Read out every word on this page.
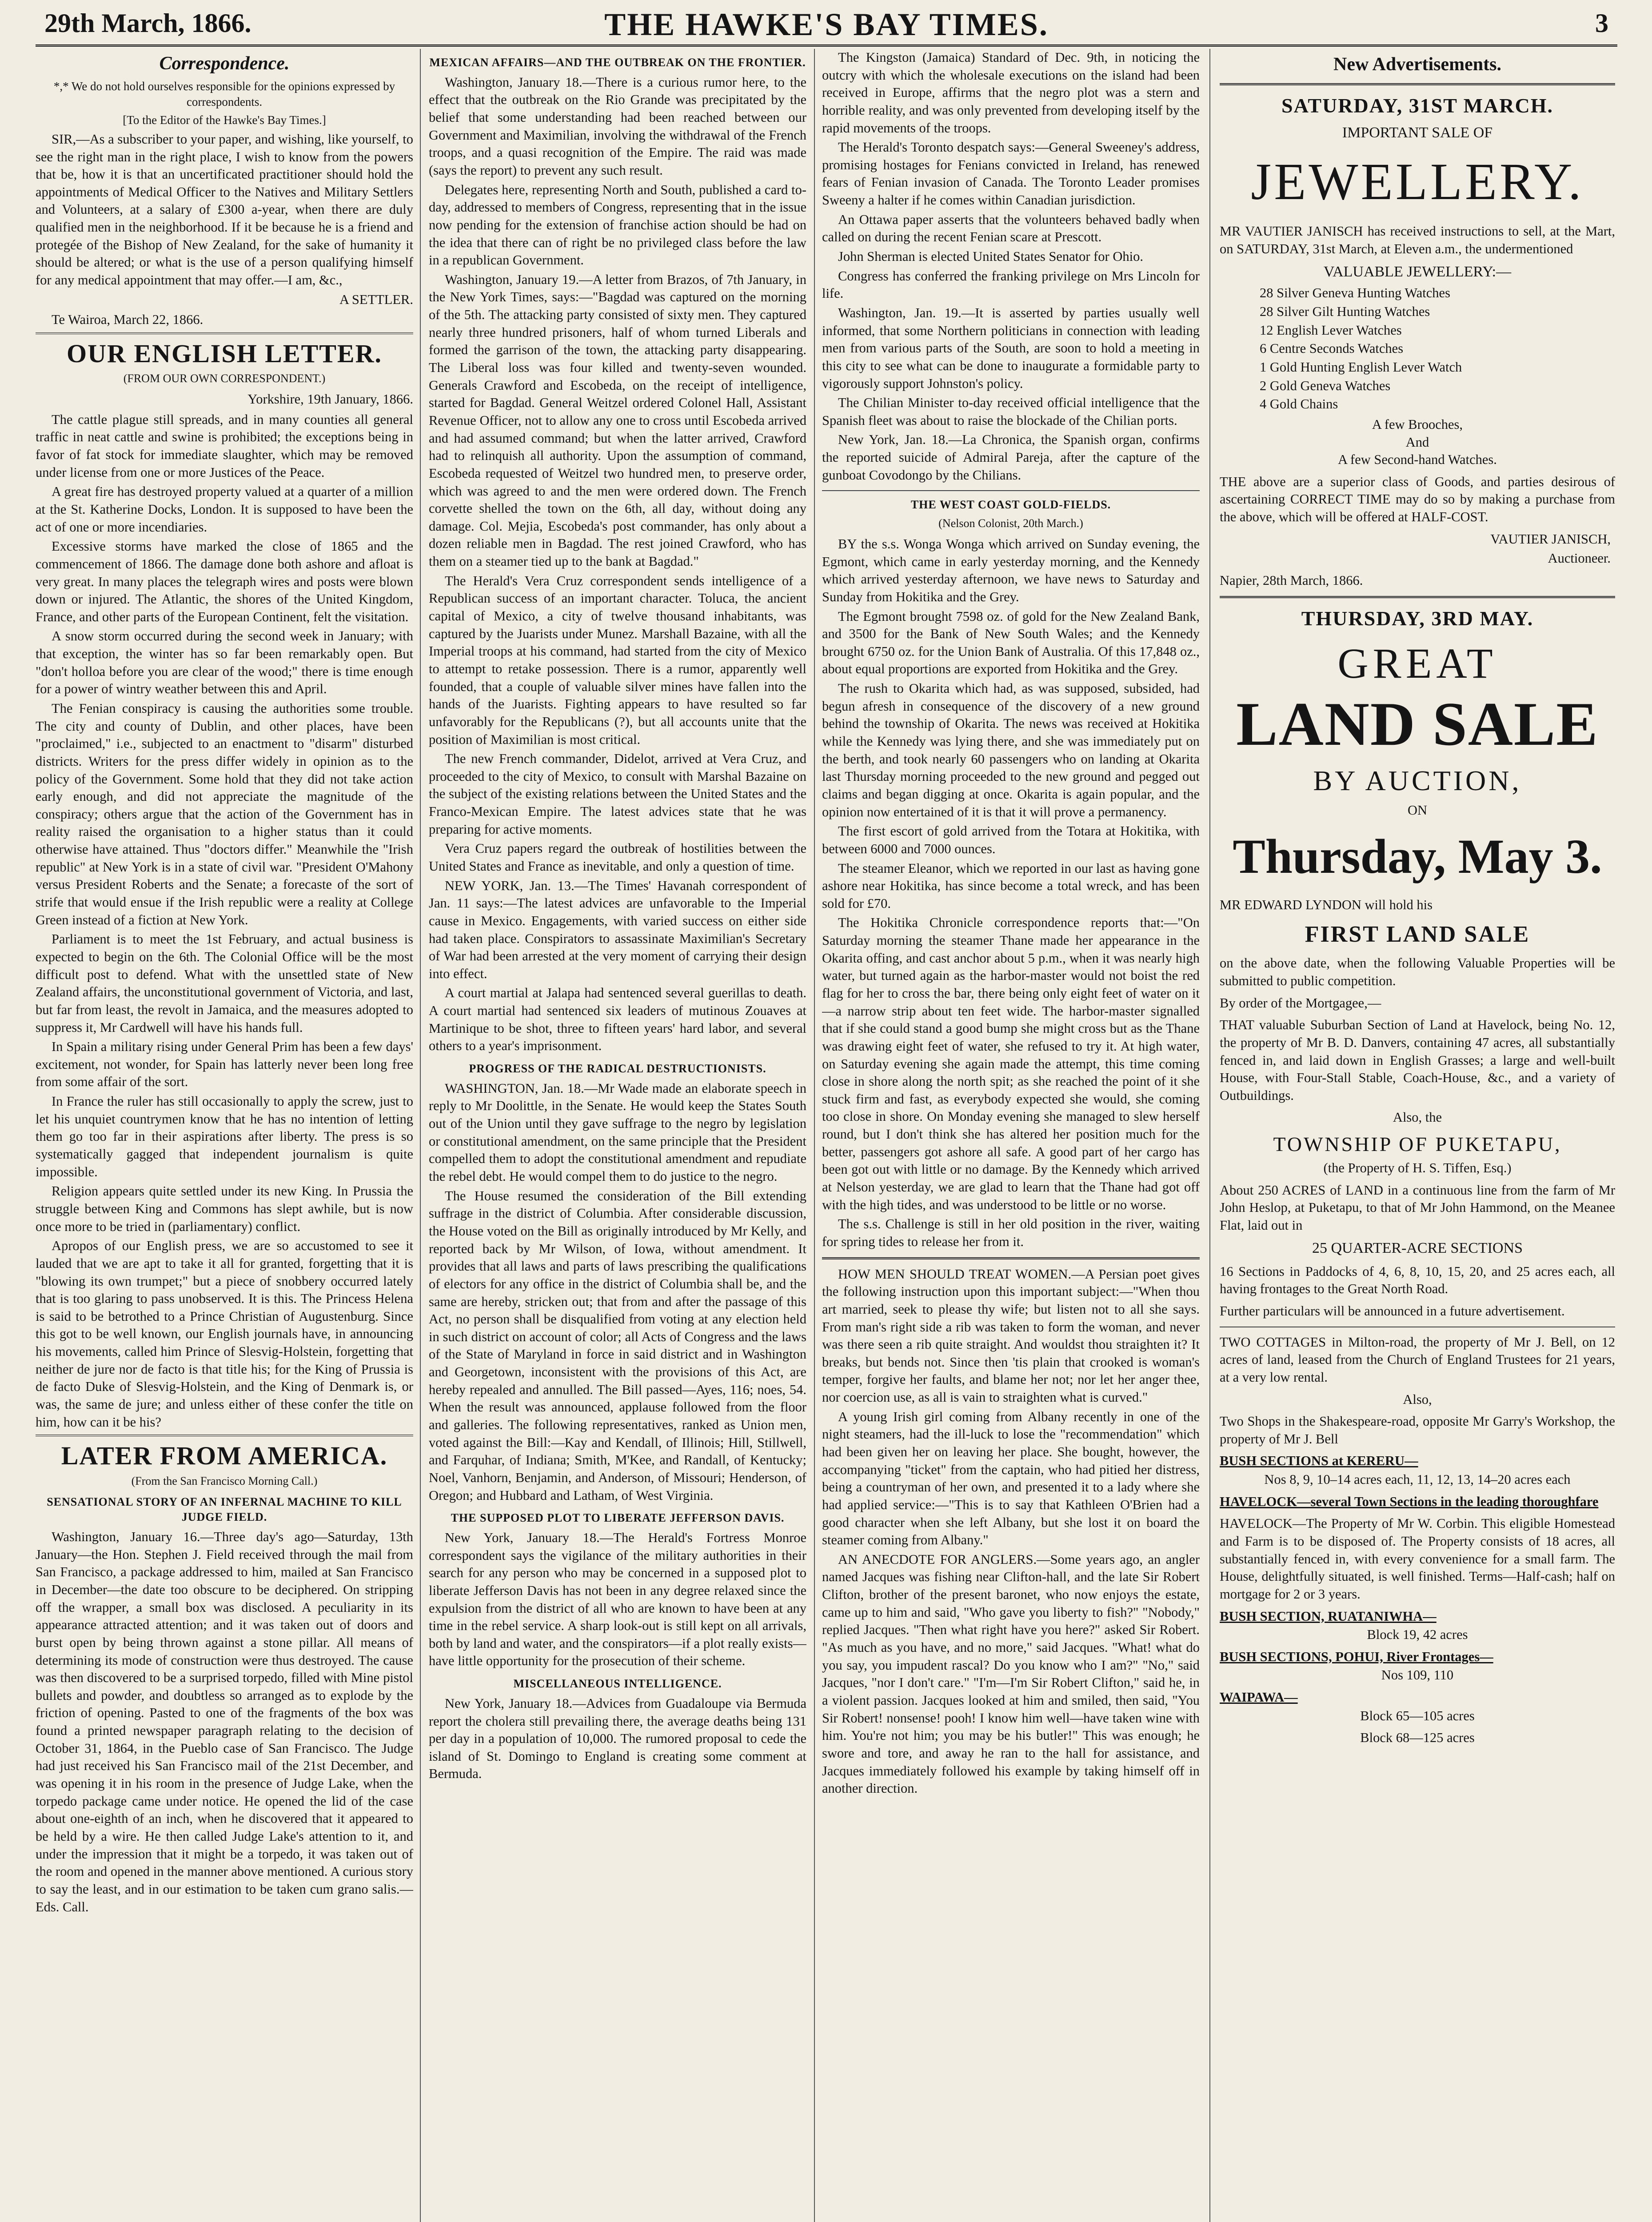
29th March, 1866.	THE HAWKE'S BAY TIMES.	3
Correspondence.
*,* We do not hold ourselves responsible for the opinions expressed by correspondents.
[To the Editor of the Hawke's Bay Times.]

SIR,—As a subscriber to your paper, and wishing, like yourself, to see the right man in the right place, I wish to know from the powers that be, how it is that an uncertificated practitioner should hold the appointments of Medical Officer to the Natives and Military Settlers and Volunteers, at a salary of £300 a-year, when there are duly qualified men in the neighborhood. If it be because he is a friend and protegée of the Bishop of New Zealand, for the sake of humanity it should be altered; or what is the use of a person qualifying himself for any medical appointment that may offer.—I am, &c.,

A SETTLER.

Te Wairoa, March 22, 1866.

OUR ENGLISH LETTER.
(FROM OUR OWN CORRESPONDENT.)
Yorkshire, 19th January, 1866.

The cattle plague still spreads, and in many counties all general traffic in neat cattle and swine is prohibited; the exceptions being in favor of fat stock for immediate slaughter, which may be removed under license from one or more Justices of the Peace.

A great fire has destroyed property valued at a quarter of a million at the St. Katherine Docks, London. It is supposed to have been the act of one or more incendiaries.

Excessive storms have marked the close of 1865 and the commencement of 1866. The damage done both ashore and afloat is very great. In many places the telegraph wires and posts were blown down or injured. The Atlantic, the shores of the United Kingdom, France, and other parts of the European Continent, felt the visitation.

A snow storm occurred during the second week in January; with that exception, the winter has so far been remarkably open. But "don't holloa before you are clear of the wood;" there is time enough for a power of wintry weather between this and April.

The Fenian conspiracy is causing the authorities some trouble. The city and county of Dublin, and other places, have been "proclaimed," i.e., subjected to an enactment to "disarm" disturbed districts. Writers for the press differ widely in opinion as to the policy of the Government. Some hold that they did not take action early enough, and did not appreciate the magnitude of the conspiracy; others argue that the action of the Government has in reality raised the organisation to a higher status than it could otherwise have attained. Thus "doctors differ." Meanwhile the "Irish republic" at New York is in a state of civil war. "President O'Mahony versus President Roberts and the Senate; a forecaste of the sort of strife that would ensue if the Irish republic were a reality at College Green instead of a fiction at New York.

Parliament is to meet the 1st February, and actual business is expected to begin on the 6th. The Colonial Office will be the most difficult post to defend. What with the unsettled state of New Zealand affairs, the unconstitutional government of Victoria, and last, but far from least, the revolt in Jamaica, and the measures adopted to suppress it, Mr Cardwell will have his hands full.

In Spain a military rising under General Prim has been a few days' excitement, not wonder, for Spain has latterly never been long free from some affair of the sort.

In France the ruler has still occasionally to apply the screw, just to let his unquiet countrymen know that he has no intention of letting them go too far in their aspirations after liberty. The press is so systematically gagged that independent journalism is quite impossible.

Religion appears quite settled under its new King. In Prussia the struggle between King and Commons has slept awhile, but is now once more to be tried in (parliamentary) conflict.

Apropos of our English press, we are so accustomed to see it lauded that we are apt to take it all for granted, forgetting that it is "blowing its own trumpet;" but a piece of snobbery occurred lately that is too glaring to pass unobserved. It is this. The Princess Helena is said to be betrothed to a Prince Christian of Augustenburg. Since this got to be well known, our English journals have, in announcing his movements, called him Prince of Slesvig-Holstein, forgetting that neither de jure nor de facto is that title his; for the King of Prussia is de facto Duke of Slesvig-Holstein, and the King of Denmark is, or was, the same de jure; and unless either of these confer the title on him, how can it be his?

LATER FROM AMERICA.
(From the San Francisco Morning Call.)
SENSATIONAL STORY OF AN INFERNAL MACHINE TO KILL JUDGE FIELD.

Washington, January 16.—Three day's ago—Saturday, 13th January—the Hon. Stephen J. Field received through the mail from San Francisco, a package addressed to him, mailed at San Francisco in December—the date too obscure to be deciphered. On stripping off the wrapper, a small box was disclosed. A peculiarity in its appearance attracted attention; and it was taken out of doors and burst open by being thrown against a stone pillar. All means of determining its mode of construction were thus destroyed. The cause was then discovered to be a surprised torpedo, filled with Mine pistol bullets and powder, and doubtless so arranged as to explode by the friction of opening. Pasted to one of the fragments of the box was found a printed newspaper paragraph relating to the decision of October 31, 1864, in the Pueblo case of San Francisco. The Judge had just received his San Francisco mail of the 21st December, and was opening it in his room in the presence of Judge Lake, when the torpedo package came under notice. He opened the lid of the case about one-eighth of an inch, when he discovered that it appeared to be held by a wire. He then called Judge Lake's attention to it, and under the impression that it might be a torpedo, it was taken out of the room and opened in the manner above mentioned. A curious story to say the least, and in our estimation to be taken cum grano salis.—Eds. Call.

MEXICAN AFFAIRS—AND THE OUTBREAK ON THE FRONTIER.

Washington, January 18.—There is a curious rumor here, to the effect that the outbreak on the Rio Grande was precipitated by the belief that some understanding had been reached between our Government and Maximilian, involving the withdrawal of the French troops, and a quasi recognition of the Empire. The raid was made (says the report) to prevent any such result.

Delegates here, representing North and South, published a card to-day, addressed to members of Congress, representing that in the issue now pending for the extension of franchise action should be had on the idea that there can of right be no privileged class before the law in a republican Government.

Washington, January 19.—A letter from Brazos, of 7th January, in the New York Times, says:—"Bagdad was captured on the morning of the 5th. The attacking party consisted of sixty men. They captured nearly three hundred prisoners, half of whom turned Liberals and formed the garrison of the town, the attacking party disappearing. The Liberal loss was four killed and twenty-seven wounded. Generals Crawford and Escobeda, on the receipt of intelligence, started for Bagdad. General Weitzel ordered Colonel Hall, Assistant Revenue Officer, not to allow any one to cross until Escobeda arrived and had assumed command; but when the latter arrived, Crawford had to relinquish all authority. Upon the assumption of command, Escobeda requested of Weitzel two hundred men, to preserve order, which was agreed to and the men were ordered down. The French corvette shelled the town on the 6th, all day, without doing any damage. Col. Mejia, Escobeda's post commander, has only about a dozen reliable men in Bagdad. The rest joined Crawford, who has them on a steamer tied up to the bank at Bagdad."

The Herald's Vera Cruz correspondent sends intelligence of a Republican success of an important character. Toluca, the ancient capital of Mexico, a city of twelve thousand inhabitants, was captured by the Juarists under Munez. Marshall Bazaine, with all the Imperial troops at his command, had started from the city of Mexico to attempt to retake possession. There is a rumor, apparently well founded, that a couple of valuable silver mines have fallen into the hands of the Juarists. Fighting appears to have resulted so far unfavorably for the Republicans (?), but all accounts unite that the position of Maximilian is most critical.

The new French commander, Didelot, arrived at Vera Cruz, and proceeded to the city of Mexico, to consult with Marshal Bazaine on the subject of the existing relations between the United States and the Franco-Mexican Empire. The latest advices state that he was preparing for active moments.

Vera Cruz papers regard the outbreak of hostilities between the United States and France as inevitable, and only a question of time.

NEW YORK, Jan. 13.—The Times' Havanah correspondent of Jan. 11 says:—The latest advices are unfavorable to the Imperial cause in Mexico. Engagements, with varied success on either side had taken place. Conspirators to assassinate Maximilian's Secretary of War had been arrested at the very moment of carrying their design into effect.

A court martial at Jalapa had sentenced several guerillas to death. A court martial had sentenced six leaders of mutinous Zouaves at Martinique to be shot, three to fifteen years' hard labor, and several others to a year's imprisonment.

PROGRESS OF THE RADICAL DESTRUCTIONISTS.

WASHINGTON, Jan. 18.—Mr Wade made an elaborate speech in reply to Mr Doolittle, in the Senate. He would keep the States South out of the Union until they gave suffrage to the negro by legislation or constitutional amendment, on the same principle that the President compelled them to adopt the constitutional amendment and repudiate the rebel debt. He would compel them to do justice to the negro.

The House resumed the consideration of the Bill extending suffrage in the district of Columbia. After considerable discussion, the House voted on the Bill as originally introduced by Mr Kelly, and reported back by Mr Wilson, of Iowa, without amendment. It provides that all laws and parts of laws prescribing the qualifications of electors for any office in the district of Columbia shall be, and the same are hereby, stricken out; that from and after the passage of this Act, no person shall be disqualified from voting at any election held in such district on account of color; all Acts of Congress and the laws of the State of Maryland in force in said district and in Washington and Georgetown, inconsistent with the provisions of this Act, are hereby repealed and annulled. The Bill passed—Ayes, 116; noes, 54. When the result was announced, applause followed from the floor and galleries. The following representatives, ranked as Union men, voted against the Bill:—Kay and Kendall, of Illinois; Hill, Stillwell, and Farquhar, of Indiana; Smith, M'Kee, and Randall, of Kentucky; Noel, Vanhorn, Benjamin, and Anderson, of Missouri; Henderson, of Oregon; and Hubbard and Latham, of West Virginia.

THE SUPPOSED PLOT TO LIBERATE JEFFERSON DAVIS.

New York, January 18.—The Herald's Fortress Monroe correspondent says the vigilance of the military authorities in their search for any person who may be concerned in a supposed plot to liberate Jefferson Davis has not been in any degree relaxed since the expulsion from the district of all who are known to have been at any time in the rebel service. A sharp look-out is still kept on all arrivals, both by land and water, and the conspirators—if a plot really exists—have little opportunity for the prosecution of their scheme.

MISCELLANEOUS INTELLIGENCE.

New York, January 18.—Advices from Guadaloupe via Bermuda report the cholera still prevailing there, the average deaths being 131 per day in a population of 10,000. The rumored proposal to cede the island of St. Domingo to England is creating some comment at Bermuda.

The Kingston (Jamaica) Standard of Dec. 9th, in noticing the outcry with which the wholesale executions on the island had been received in Europe, affirms that the negro plot was a stern and horrible reality, and was only prevented from developing itself by the rapid movements of the troops.

The Herald's Toronto despatch says:—General Sweeney's address, promising hostages for Fenians convicted in Ireland, has renewed fears of Fenian invasion of Canada. The Toronto Leader promises Sweeny a halter if he comes within Canadian jurisdiction.

An Ottawa paper asserts that the volunteers behaved badly when called on during the recent Fenian scare at Prescott.

John Sherman is elected United States Senator for Ohio.

Congress has conferred the franking privilege on Mrs Lincoln for life.

Washington, Jan. 19.—It is asserted by parties usually well informed, that some Northern politicians in connection with leading men from various parts of the South, are soon to hold a meeting in this city to see what can be done to inaugurate a formidable party to vigorously support Johnston's policy.

The Chilian Minister to-day received official intelligence that the Spanish fleet was about to raise the blockade of the Chilian ports.

New York, Jan. 18.—La Chronica, the Spanish organ, confirms the reported suicide of Admiral Pareja, after the capture of the gunboat Covodongo by the Chilians.

THE WEST COAST GOLD-FIELDS.
(Nelson Colonist, 20th March.)

BY the s.s. Wonga Wonga which arrived on Sunday evening, the Egmont, which came in early yesterday morning, and the Kennedy which arrived yesterday afternoon, we have news to Saturday and Sunday from Hokitika and the Grey.

The Egmont brought 7598 oz. of gold for the New Zealand Bank, and 3500 for the Bank of New South Wales; and the Kennedy brought 6750 oz. for the Union Bank of Australia. Of this 17,848 oz., about equal proportions are exported from Hokitika and the Grey.

The rush to Okarita which had, as was supposed, subsided, had begun afresh in consequence of the discovery of a new ground behind the township of Okarita. The news was received at Hokitika while the Kennedy was lying there, and she was immediately put on the berth, and took nearly 60 passengers who on landing at Okarita last Thursday morning proceeded to the new ground and pegged out claims and began digging at once. Okarita is again popular, and the opinion now entertained of it is that it will prove a permanency.

The first escort of gold arrived from the Totara at Hokitika, with between 6000 and 7000 ounces.

The steamer Eleanor, which we reported in our last as having gone ashore near Hokitika, has since become a total wreck, and has been sold for £70.

The Hokitika Chronicle correspondence reports that:—"On Saturday morning the steamer Thane made her appearance in the Okarita offing, and cast anchor about 5 p.m., when it was nearly high water, but turned again as the harbor-master would not boist the red flag for her to cross the bar, there being only eight feet of water on it—a narrow strip about ten feet wide. The harbor-master signalled that if she could stand a good bump she might cross but as the Thane was drawing eight feet of water, she refused to try it. At high water, on Saturday evening she again made the attempt, this time coming close in shore along the north spit; as she reached the point of it she stuck firm and fast, as everybody expected she would, she coming too close in shore. On Monday evening she managed to slew herself round, but I don't think she has altered her position much for the better, passengers got ashore all safe. A good part of her cargo has been got out with little or no damage. By the Kennedy which arrived at Nelson yesterday, we are glad to learn that the Thane had got off with the high tides, and was understood to be little or no worse.

The s.s. Challenge is still in her old position in the river, waiting for spring tides to release her from it.

HOW MEN SHOULD TREAT WOMEN.—A Persian poet gives the following instruction upon this important subject:—"When thou art married, seek to please thy wife; but listen not to all she says. From man's right side a rib was taken to form the woman, and never was there seen a rib quite straight. And wouldst thou straighten it? It breaks, but bends not. Since then 'tis plain that crooked is woman's temper, forgive her faults, and blame her not; nor let her anger thee, nor coercion use, as all is vain to straighten what is curved."

A young Irish girl coming from Albany recently in one of the night steamers, had the ill-luck to lose the "recommendation" which had been given her on leaving her place. She bought, however, the accompanying "ticket" from the captain, who had pitied her distress, being a countryman of her own, and presented it to a lady where she had applied service:—"This is to say that Kathleen O'Brien had a good character when she left Albany, but she lost it on board the steamer coming from Albany."

AN ANECDOTE FOR ANGLERS.—Some years ago, an angler named Jacques was fishing near Clifton-hall, and the late Sir Robert Clifton, brother of the present baronet, who now enjoys the estate, came up to him and said, "Who gave you liberty to fish?" "Nobody," replied Jacques. "Then what right have you here?" asked Sir Robert. "As much as you have, and no more," said Jacques. "What! what do you say, you impudent rascal? Do you know who I am?" "No," said Jacques, "nor I don't care." "I'm—I'm Sir Robert Clifton," said he, in a violent passion. Jacques looked at him and smiled, then said, "You Sir Robert! nonsense! pooh! I know him well—have taken wine with him. You're not him; you may be his butler!" This was enough; he swore and tore, and away he ran to the hall for assistance, and Jacques immediately followed his example by taking himself off in another direction.

New Advertisements.
SATURDAY, 31ST MARCH.
IMPORTANT SALE OF
JEWELLERY.
MR VAUTIER JANISCH has received instructions to sell, at the Mart, on SATURDAY, 31st March, at Eleven a.m., the undermentioned
VALUABLE JEWELLERY:—
28 Silver Geneva Hunting Watches
28 Silver Gilt Hunting Watches
12 English Lever Watches
6 Centre Seconds Watches
1 Gold Hunting English Lever Watch
2 Gold Geneva Watches
4 Gold Chains
A few Brooches,
And
A few Second-hand Watches.
THE above are a superior class of Goods, and parties desirous of ascertaining CORRECT TIME may do so by making a purchase from the above, which will be offered at HALF-COST.
VAUTIER JANISCH,
Auctioneer.
Napier, 28th March, 1866.
THURSDAY, 3RD MAY.
GREAT
LAND SALE
BY AUCTION,
ON
Thursday, May 3.
MR EDWARD LYNDON will hold his
FIRST LAND SALE
on the above date, when the following Valuable Properties will be submitted to public competition.
By order of the Mortgagee,—
THAT valuable Suburban Section of Land at Havelock, being No. 12, the property of Mr B. D. Danvers, containing 47 acres, all substantially fenced in, and laid down in English Grasses; a large and well-built House, with Four-Stall Stable, Coach-House, &c., and a variety of Outbuildings.
Also, the
TOWNSHIP OF PUKETAPU,
(the Property of H. S. Tiffen, Esq.)
About 250 ACRES of LAND in a continuous line from the farm of Mr John Heslop, at Puketapu, to that of Mr John Hammond, on the Meanee Flat, laid out in
25 QUARTER-ACRE SECTIONS
16 Sections in Paddocks of 4, 6, 8, 10, 15, 20, and 25 acres each, all having frontages to the Great North Road.
Further particulars will be announced in a future advertisement.
TWO COTTAGES in Milton-road, the property of Mr J. Bell, on 12 acres of land, leased from the Church of England Trustees for 21 years, at a very low rental.
Also,
Two Shops in the Shakespeare-road, opposite Mr Garry's Workshop, the property of Mr J. Bell
BUSH SECTIONS at KERERU—
Nos 8, 9, 10–14 acres each, 11, 12, 13, 14–20 acres each
HAVELOCK—several Town Sections in the leading thoroughfare
HAVELOCK—The Property of Mr W. Corbin. This eligible Homestead and Farm is to be disposed of. The Property consists of 18 acres, all substantially fenced in, with every convenience for a small farm. The House, delightfully situated, is well finished. Terms—Half-cash; half on mortgage for 2 or 3 years.
BUSH SECTION, RUATANIWHA—
Block 19, 42 acres
BUSH SECTIONS, POHUI, River Frontages—
Nos 109, 110
WAIPAWA—
Block 65—105 acres
Block 68—125 acres
